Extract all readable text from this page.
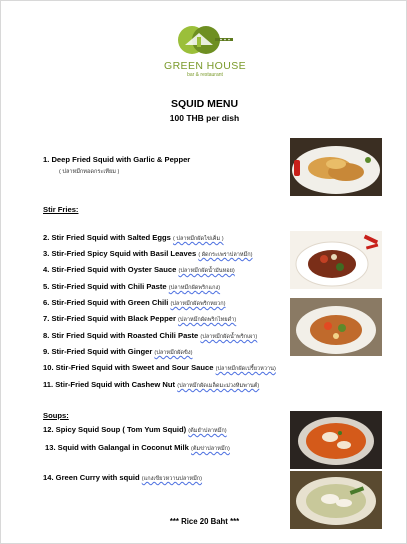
GREEN HOUSE
bar & restaurant
SQUID MENU
100 THB per dish
1. Deep Fried Squid with Garlic & Pepper
( ปลาหมึกทอดกระเทียม )
Stir Fries:
2. Stir Fried Squid with Salted Eggs ( ปลาหมึกผัดไข่เค็ม )
3. Stir-Fried Spicy Squid with Basil Leaves ( ผัดกระเพราปลาหมึก)
4. Stir-Fried Squid with Oyster Sauce (ปลาหมึกผัดน้ำมันหอย)
5. Stir-Fried Squid with Chili Paste (ปลาหมึกผัดพริกแกง)
6. Stir-Fried Squid with Green Chili (ปลาหมึกผัดพริกหยวก)
7. Stir-Fried Squid with Black Pepper (ปลาหมึกผัดพริกไทยดำ)
8. Stir Fried Squid with Roasted Chili Paste (ปลาหมึกผัดน้ำพริกเผา)
9. Stir-Fried Squid with Ginger (ปลาหมึกผัดขิง)
10. Stir-Fried Squid with Sweet and Sour Sauce (ปลาหมึกผัดเปรี้ยวหวาน)
11. Stir-Fried Squid with Cashew Nut (ปลาหมึกผัดเมล็ดมะม่วงหิมพานต์)
Soups:
12. Spicy Squid Soup ( Tom Yum Squid) (ต้มยำปลาหมึก)
13. Squid with Galangal in Coconut Milk (ต้มข่าปลาหมึก)
14. Green Curry with squid (แกงเขียวหวานปลาหมึก)
*** Rice 20 Baht ***
